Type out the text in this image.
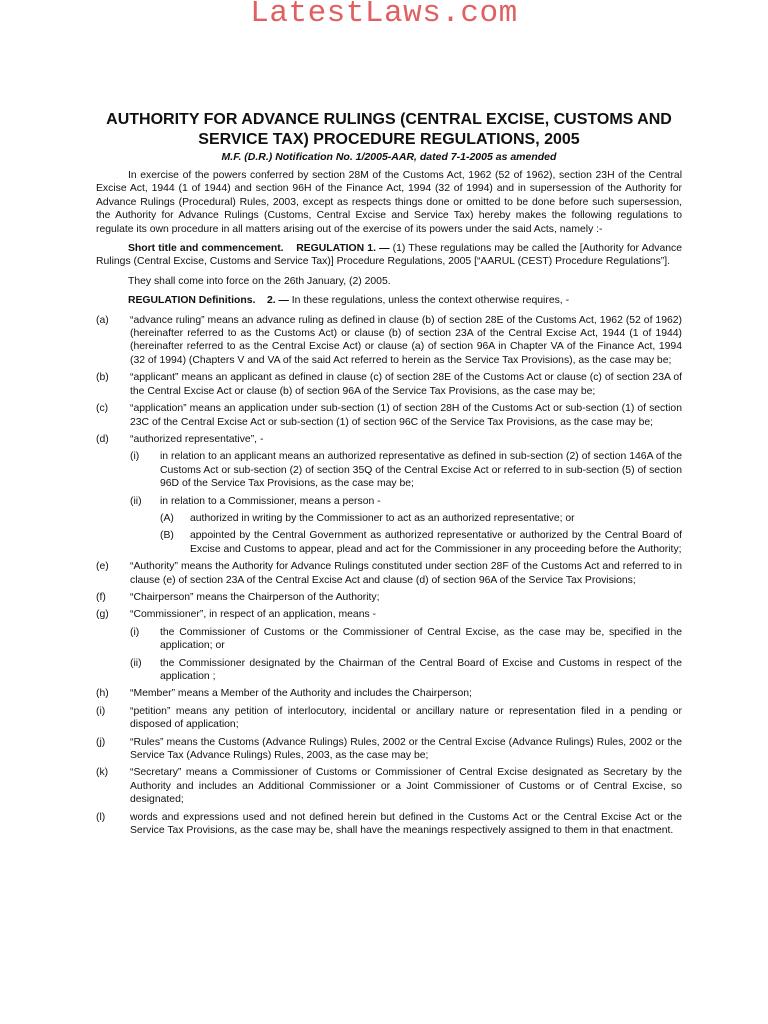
LatestLaws.com
AUTHORITY FOR ADVANCE RULINGS (CENTRAL EXCISE, CUSTOMS AND SERVICE TAX) PROCEDURE REGULATIONS, 2005
M.F. (D.R.) Notification No. 1/2005-AAR, dated 7-1-2005 as amended

In exercise of the powers conferred by section 28M of the Customs Act, 1962 (52 of 1962), section 23H of the Central Excise Act, 1944 (1 of 1944) and section 96H of the Finance Act, 1994 (32 of 1994) and in supersession of the Authority for Advance Rulings (Procedural) Rules, 2003, except as respects things done or omitted to be done before such supersession, the Authority for Advance Rulings (Customs, Central Excise and Service Tax) hereby makes the following regulations to regulate its own procedure in all matters arising out of the exercise of its powers under the said Acts, namely :-

Short title and commencement. REGULATION 1. — (1) These regulations may be called the [Authority for Advance Rulings (Central Excise, Customs and Service Tax)] Procedure Regulations, 2005 [“AARUL (CEST) Procedure Regulations”].

They shall come into force on the 26th January, (2) 2005.

REGULATION Definitions. 2. — In these regulations, unless the context otherwise requires, -

(a)	“advance ruling” means an advance ruling as defined in clause (b) of section 28E of the Customs Act, 1962 (52 of 1962) (hereinafter referred to as the Customs Act) or clause (b) of section 23A of the Central Excise Act, 1944 (1 of 1944) (hereinafter referred to as the Central Excise Act) or clause (a) of section 96A in Chapter VA of the Finance Act, 1994 (32 of 1994) (Chapters V and VA of the said Act referred to herein as the Service Tax Provisions), as the case may be;
(b)	“applicant” means an applicant as defined in clause (c) of section 28E of the Customs Act or clause (c) of section 23A of the Central Excise Act or clause (b) of section 96A of the Service Tax Provisions, as the case may be;
(c)	“application” means an application under sub-section (1) of section 28H of the Customs Act or sub-section (1) of section 23C of the Central Excise Act or sub-section (1) of section 96C of the Service Tax Provisions, as the case may be;
(d)	“authorized representative”, -
(i)	in relation to an applicant means an authorized representative as defined in sub-section (2) of section 146A of the Customs Act or sub-section (2) of section 35Q of the Central Excise Act or referred to in sub-section (5) of section 96D of the Service Tax Provisions, as the case may be;
(ii)	in relation to a Commissioner, means a person -
(A)	authorized in writing by the Commissioner to act as an authorized representative; or
(B)	appointed by the Central Government as authorized representative or authorized by the Central Board of Excise and Customs to appear, plead and act for the Commissioner in any proceeding before the Authority;
(e)	“Authority” means the Authority for Advance Rulings constituted under section 28F of the Customs Act and referred to in clause (e) of section 23A of the Central Excise Act and clause (d) of section 96A of the Service Tax Provisions;
(f)	“Chairperson” means the Chairperson of the Authority;
(g)	“Commissioner”, in respect of an application, means -
(i)	the Commissioner of Customs or the Commissioner of Central Excise, as the case may be, specified in the application; or
(ii)	the Commissioner designated by the Chairman of the Central Board of Excise and Customs in respect of the application ;
(h)	“Member” means a Member of the Authority and includes the Chairperson;
(i)	“petition” means any petition of interlocutory, incidental or ancillary nature or representation filed in a pending or disposed of application;
(j)	“Rules” means the Customs (Advance Rulings) Rules, 2002 or the Central Excise (Advance Rulings) Rules, 2002 or the Service Tax (Advance Rulings) Rules, 2003, as the case may be;
(k)	“Secretary” means a Commissioner of Customs or Commissioner of Central Excise designated as Secretary by the Authority and includes an Additional Commissioner or a Joint Commissioner of Customs or of Central Excise, so designated;
(l)	words and expressions used and not defined herein but defined in the Customs Act or the Central Excise Act or the Service Tax Provisions, as the case may be, shall have the meanings respectively assigned to them in that enactment.
